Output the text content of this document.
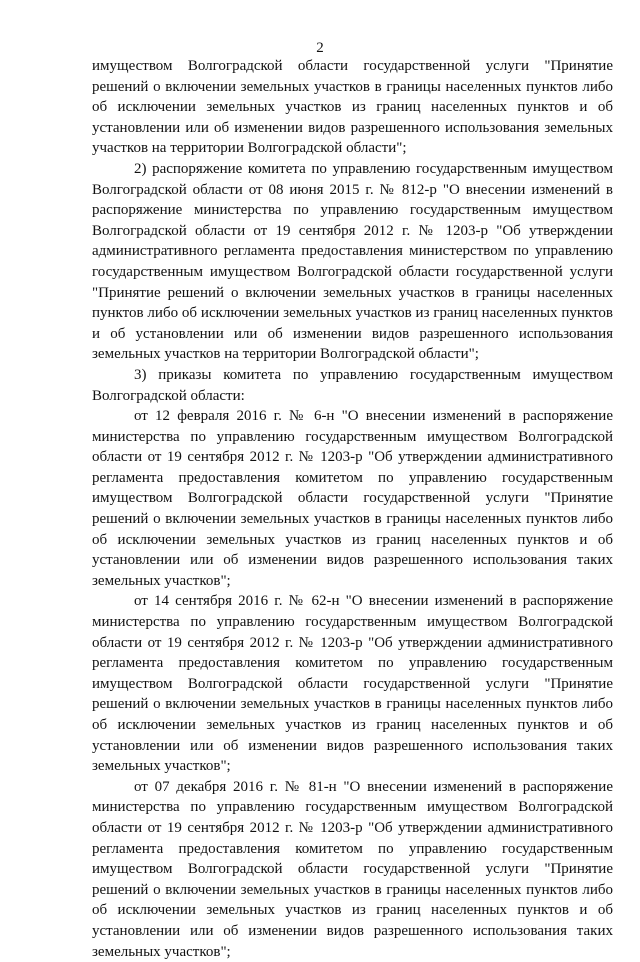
2

имуществом Волгоградской области государственной услуги "Принятие решений о включении земельных участков в границы населенных пунктов либо об исключении земельных участков из границ населенных пунктов и об установлении или об изменении видов разрешенного использования земельных участков на территории Волгоградской области";

2) распоряжение комитета по управлению государственным имуществом Волгоградской области от 08 июня 2015 г. № 812-р "О внесении изменений в распоряжение министерства по управлению государственным имуществом Волгоградской области от 19 сентября 2012 г. № 1203-р "Об утверждении административного регламента предоставления министерством по управлению государственным имуществом Волгоградской области государственной услуги "Принятие решений о включении земельных участков в границы населенных пунктов либо об исключении земельных участков из границ населенных пунктов и об установлении или об изменении видов разрешенного использования земельных участков на территории Волгоградской области";

3) приказы комитета по управлению государственным имуществом Волгоградской области:

от 12 февраля 2016 г. № 6-н "О внесении изменений в распоряжение министерства по управлению государственным имуществом Волгоградской области от 19 сентября 2012 г. № 1203-р "Об утверждении административного регламента предоставления комитетом по управлению государственным имуществом Волгоградской области государственной услуги "Принятие решений о включении земельных участков в границы населенных пунктов либо об исключении земельных участков из границ населенных пунктов и об установлении или об изменении видов разрешенного использования таких земельных участков";

от 14 сентября 2016 г. № 62-н "О внесении изменений в распоряжение министерства по управлению государственным имуществом Волгоградской области от 19 сентября 2012 г. № 1203-р "Об утверждении административного регламента предоставления комитетом по управлению государственным имуществом Волгоградской области государственной услуги "Принятие решений о включении земельных участков в границы населенных пунктов либо об исключении земельных участков из границ населенных пунктов и об установлении или об изменении видов разрешенного использования таких земельных участков";

от 07 декабря 2016 г. № 81-н "О внесении изменений в распоряжение министерства по управлению государственным имуществом Волгоградской области от 19 сентября 2012 г. № 1203-р "Об утверждении административного регламента предоставления комитетом по управлению государственным имуществом Волгоградской области государственной услуги "Принятие решений о включении земельных участков в границы населенных пунктов либо об исключении земельных участков из границ населенных пунктов и об установлении или об изменении видов разрешенного использования таких земельных участков";
